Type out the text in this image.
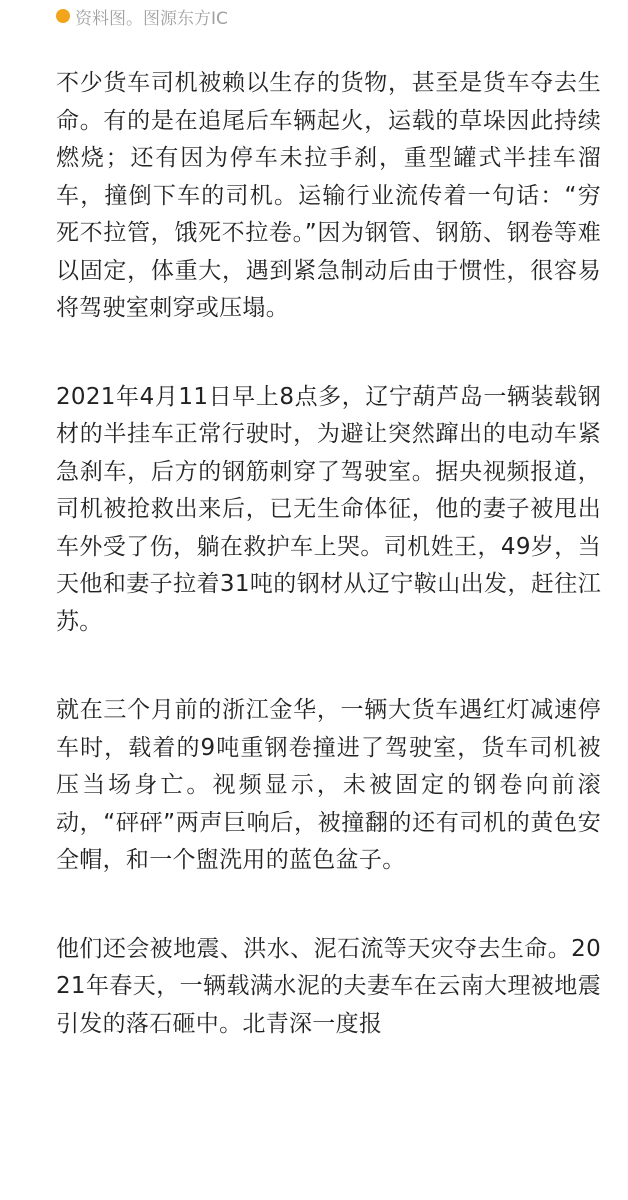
资料图。图源东方IC

不少货车司机被赖以生存的货物，甚至是货车夺去生命。有的是在追尾后车辆起火，运载的草垛因此持续燃烧；还有因为停车未拉手刹，重型罐式半挂车溜车，撞倒下车的司机。运输行业流传着一句话：“穷死不拉管，饿死不拉卷。”因为钢管、钢筋、钢卷等难以固定，体重大，遇到紧急制动后由于惯性，很容易将驾驶室刺穿或压塌。

2021年4月11日早上8点多，辽宁葫芦岛一辆装载钢材的半挂车正常行驶时，为避让突然蹿出的电动车紧急刹车，后方的钢筋刺穿了驾驶室。据央视频报道，司机被抢救出来后，已无生命体征，他的妻子被甩出车外受了伤，躺在救护车上哭。司机姓王，49岁，当天他和妻子拉着31吨的钢材从辽宁鞍山出发，赶往江苏。

就在三个月前的浙江金华，一辆大货车遇红灯减速停车时，载着的9吨重钢卷撞进了驾驶室，货车司机被压当场身亡。视频显示，未被固定的钢卷向前滚动，“砰砰”两声巨响后，被撞翻的还有司机的黄色安全帽，和一个盥洗用的蓝色盆子。

他们还会被地震、洪水、泥石流等天灾夺去生命。2021年春天，一辆载满水泥的夫妻车在云南大理被地震引发的落石砸中。北青深一度报
